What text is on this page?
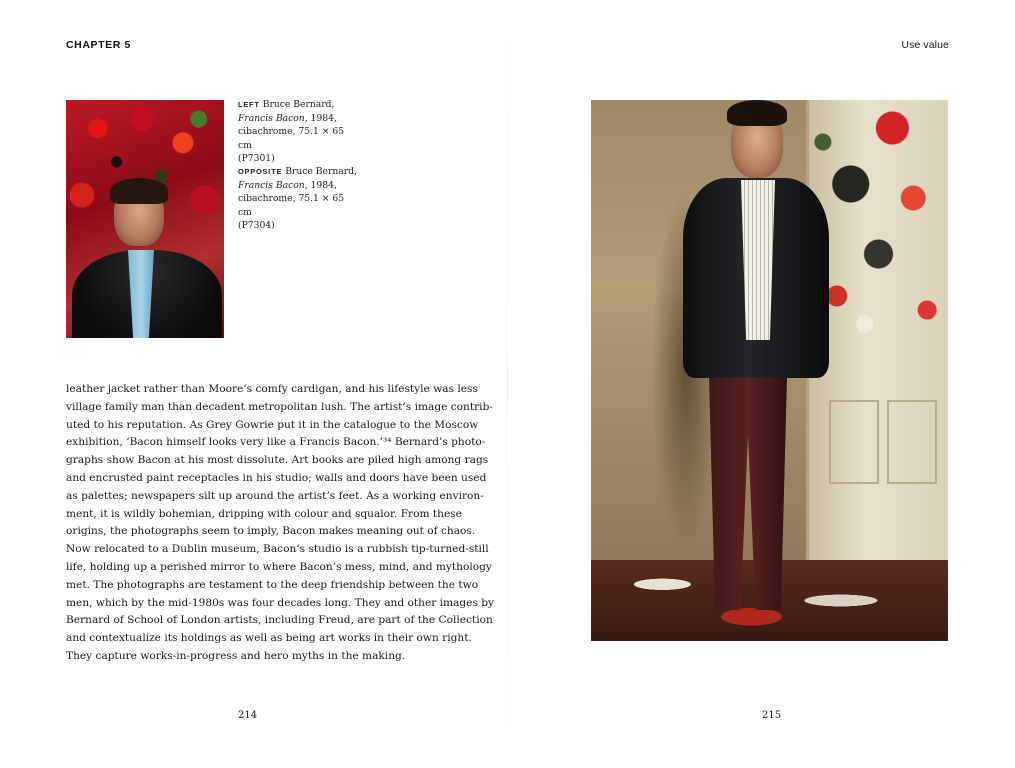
CHAPTER 5	Use value
LEFT Bruce Bernard,
Francis Bacon, 1984,
cibachrome, 75.1 × 65 cm
(P7301)
OPPOSITE Bruce Bernard,
Francis Bacon, 1984,
cibachrome, 75.1 × 65 cm
(P7304)
leather jacket rather than Moore’s comfy cardigan, and his lifestyle was less
village family man than decadent metropolitan lush. The artist’s image contrib-
uted to his reputation. As Grey Gowrie put it in the catalogue to the Moscow
exhibition, ‘Bacon himself looks very like a Francis Bacon.’³⁴ Bernard’s photo-
graphs show Bacon at his most dissolute. Art books are piled high among rags
and encrusted paint receptacles in his studio; walls and doors have been used
as palettes; newspapers silt up around the artist’s feet. As a working environ-
ment, it is wildly bohemian, dripping with colour and squalor. From these
origins, the photographs seem to imply, Bacon makes meaning out of chaos.
Now relocated to a Dublin museum, Bacon’s studio is a rubbish tip-turned-still
life, holding up a perished mirror to where Bacon’s mess, mind, and mythology
met. The photographs are testament to the deep friendship between the two
men, which by the mid-1980s was four decades long. They and other images by
Bernard of School of London artists, including Freud, are part of the Collection
and contextualize its holdings as well as being art works in their own right.
They capture works-in-progress and hero myths in the making.
214	215
